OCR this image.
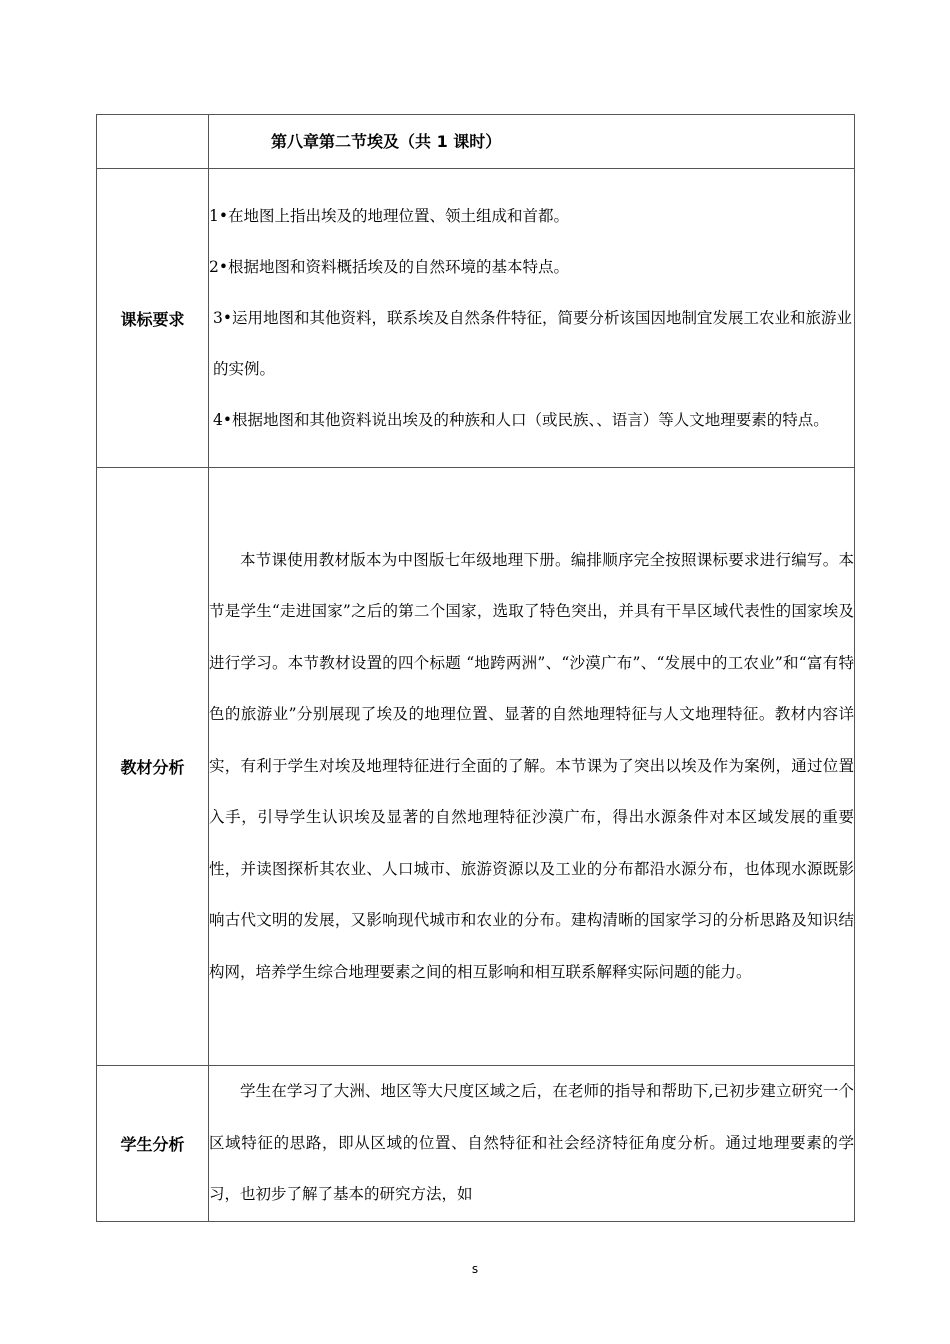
	第八章第二节埃及（共 1 课时）

课标要求	1•在地图上指出埃及的地理位置、领土组成和首都。

2•根据地图和资料概括埃及的自然环境的基本特点。

3•运用地图和其他资料，联系埃及自然条件特征，简要分析该国因地制宜发展工农业和旅游业的实例。

4•根据地图和其他资料说出埃及的种族和人口（或民族、、语言）等人文地理要素的特点。

教材分析	本节课使用教材版本为中图版七年级地理下册。编排顺序完全按照课标要求进行编写。本节是学生“走进国家”之后的第二个国家，选取了特色突出，并具有干旱区域代表性的国家埃及进行学习。本节教材设置的四个标题 “地跨两洲”、“沙漠广布”、“发展中的工农业”和“富有特色的旅游业”分别展现了埃及的地理位置、显著的自然地理特征与人文地理特征。教材内容详实，有利于学生对埃及地理特征进行全面的了解。本节课为了突出以埃及作为案例，通过位置入手，引导学生认识埃及显著的自然地理特征沙漠广布，得出水源条件对本区域发展的重要性，并读图探析其农业、人口城市、旅游资源以及工业的分布都沿水源分布，也体现水源既影响古代文明的发展，又影响现代城市和农业的分布。建构清晰的国家学习的分析思路及知识结构网，培养学生综合地理要素之间的相互影响和相互联系解释实际问题的能力。

学生分析	学生在学习了大洲、地区等大尺度区域之后，在老师的指导和帮助下,已初步建立研究一个区域特征的思路，即从区域的位置、自然特征和社会经济特征角度分析。通过地理要素的学习，也初步了解了基本的研究方法，如

s
